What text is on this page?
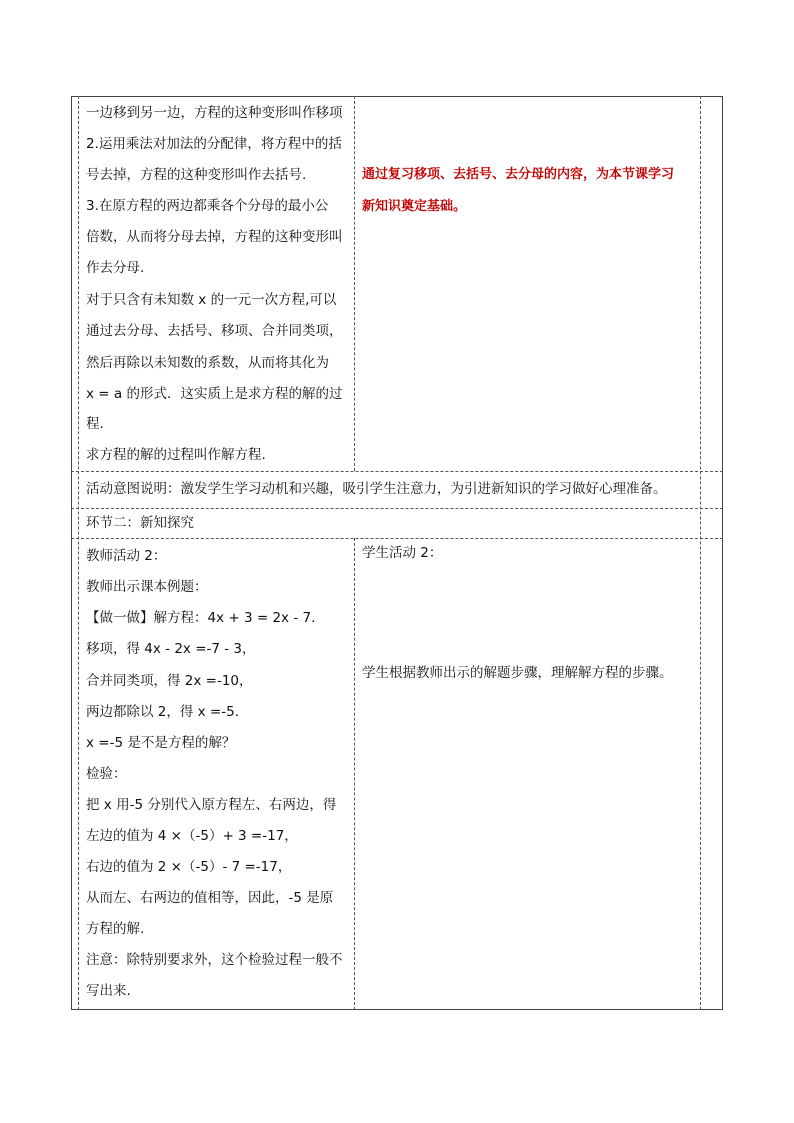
一边移到另一边，方程的这种变形叫作移项
2.运用乘法对加法的分配律，将方程中的括
号去掉，方程的这种变形叫作去括号.
3.在原方程的两边都乘各个分母的最小公
倍数，从而将分母去掉，方程的这种变形叫
作去分母.
对于只含有未知数 x 的一元一次方程,可以
通过去分母、去括号、移项、合并同类项，
然后再除以未知数的系数，从而将其化为
x = a 的形式．这实质上是求方程的解的过
程.
求方程的解的过程叫作解方程.
通过复习移项、去括号、去分母的内容，为本节课学习
新知识奠定基础。
活动意图说明：激发学生学习动机和兴趣，吸引学生注意力，为引进新知识的学习做好心理准备。
环节二：新知探究
教师活动 2：
教师出示课本例题：
【做一做】解方程：4x + 3 = 2x - 7.
移项，得 4x - 2x =-7 - 3，
合并同类项，得 2x =-10，
两边都除以 2，得 x =-5.
x =-5 是不是方程的解？
检验：
把 x 用-5 分别代入原方程左、右两边，得
左边的值为 4 ×（-5）+ 3 =-17，
右边的值为 2 ×（-5）- 7 =-17，
从而左、右两边的值相等，因此，-5 是原
方程的解.
注意：除特别要求外，这个检验过程一般不
写出来.
学生活动 2：
学生根据教师出示的解题步骤，理解解方程的步骤。
